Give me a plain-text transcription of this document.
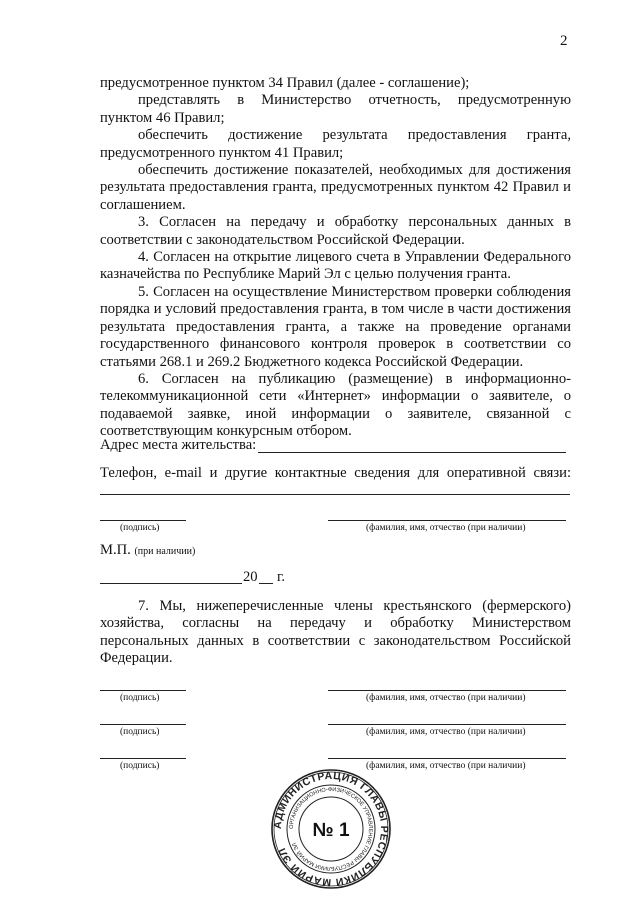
2

предусмотренное пунктом 34 Правил (далее - соглашение);

представлять в Министерство отчетность, предусмотренную пунктом 46 Правил;

обеспечить достижение результата предоставления гранта, предусмотренного пунктом 41 Правил;

обеспечить достижение показателей, необходимых для достижения результата предоставления гранта, предусмотренных пунктом 42 Правил и соглашением.

3. Согласен на передачу и обработку персональных данных в соответствии с законодательством Российской Федерации.

4. Согласен на открытие лицевого счета в Управлении Федерального казначейства по Республике Марий Эл с целью получения гранта.

5. Согласен на осуществление Министерством проверки соблюдения порядка и условий предоставления гранта, в том числе в части достижения результата предоставления гранта, а также на проведение органами государственного финансового контроля проверок в соответствии со статьями 268.1 и 269.2 Бюджетного кодекса Российской Федерации.

6. Согласен на публикацию (размещение) в информационно-телекоммуникационной сети «Интернет» информации о заявителе, о подаваемой заявке, иной информации о заявителе, связанной с соответствующим конкурсным отбором.

Адрес места жительства:
Телефон, e-mail и другие контактные сведения для оперативной связи:
(подпись)	(фамилия, имя, отчество (при наличии)
М.П. (при наличии)
20 г.

7. Мы, нижеперечисленные члены крестьянского (фермерского) хозяйства, согласны на передачу и обработку Министерством персональных данных в соответствии с законодательством Российской Федерации.

(подпись)	(фамилия, имя, отчество (при наличии)
(подпись)	(фамилия, имя, отчество (при наличии)
(подпись)	(фамилия, имя, отчество (при наличии)
АДМИНИСТРАЦИЯ ГЛАВЫ РЕСПУБЛИКИ МАРИЙ ЭЛ
ОРГАНИЗАЦИОННО-ФИЗИЧЕСКОЕ УПРАВЛЕНИЕ ГЛАВЫ РЕСПУБЛИКИ МАРИЙ ЭЛ
№ 1
